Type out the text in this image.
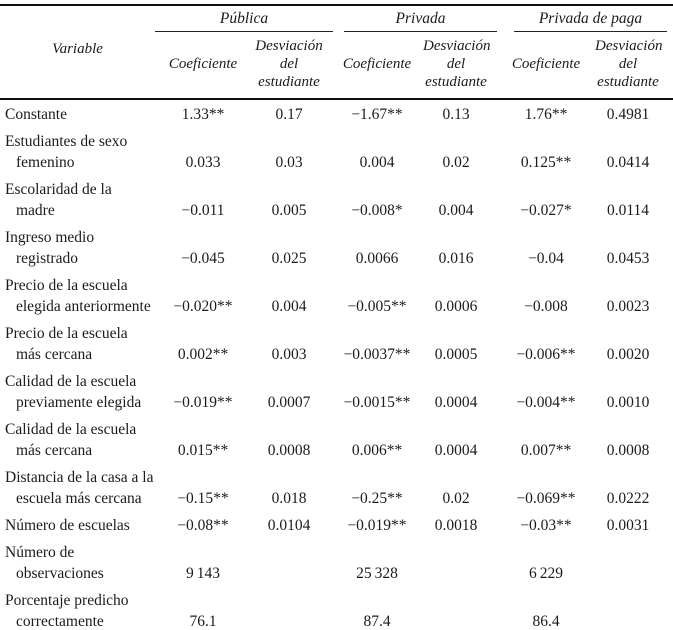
Variable	Pública		Privada		Privada de paga	

	Coeficiente	Desviación del estudiante	Coeficiente	Desviación del estudiante	Coeficiente	Desviación del estudiante

Constante	1.33**	0.17	−1.67**	0.13	1.76**	0.4981

Estudiantes de sexo
femenino	0.033	0.03	0.004	0.02	0.125**	0.0414

Escolaridad de la
madre	−0.011	0.005	−0.008*	0.004	−0.027*	0.0114

Ingreso medio
registrado	−0.045	0.025	0.0066	0.016	−0.04	0.0453

Precio de la escuela
elegida anteriormente	−0.020**	0.004	−0.005**	0.0006	−0.008	0.0023

Precio de la escuela
más cercana	0.002**	0.003	−0.0037**	0.0005	−0.006**	0.0020

Calidad de la escuela
previamente elegida	−0.019**	0.0007	−0.0015**	0.0004	−0.004**	0.0010

Calidad de la escuela
más cercana	0.015**	0.0008	0.006**	0.0004	0.007**	0.0008

Distancia de la casa a la
escuela más cercana	−0.15**	0.018	−0.25**	0.02	−0.069**	0.0222

Número de escuelas	−0.08**	0.0104	−0.019**	0.0018	−0.03**	0.0031

Número de
observaciones	9 143		25 328		6 229	

Porcentaje predicho
correctamente	76.1		87.4		86.4	
